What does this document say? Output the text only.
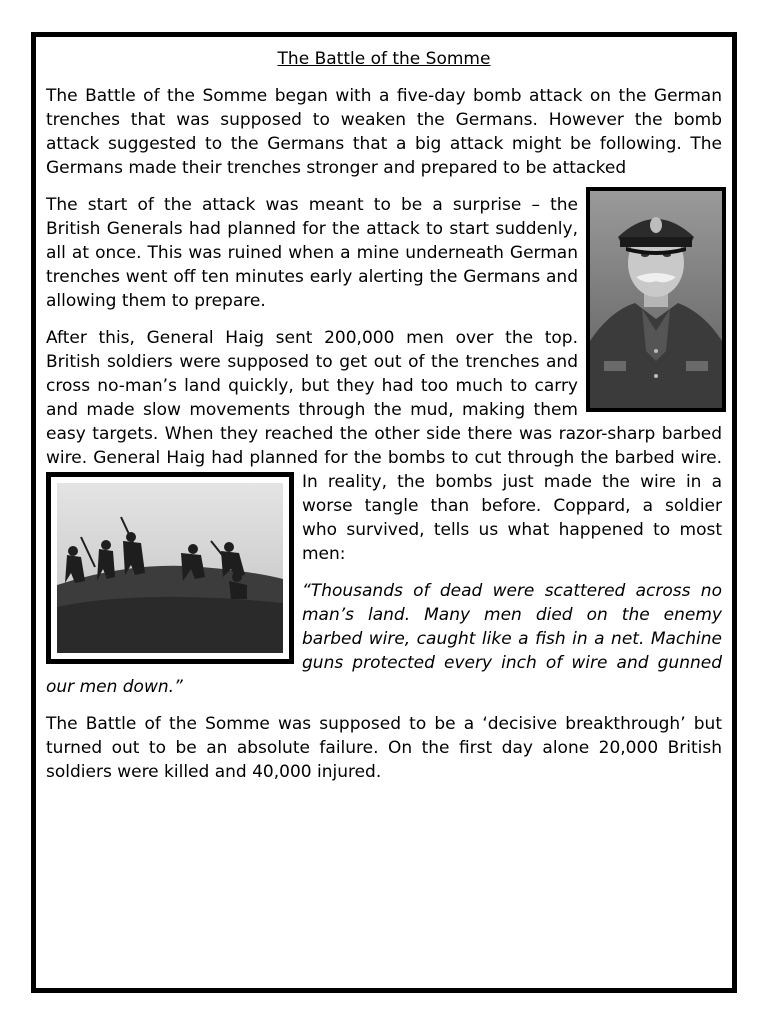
The Battle of the Somme

The Battle of the Somme began with a five-day bomb attack on the German trenches that was supposed to weaken the Germans. However the bomb attack suggested to the Germans that a big attack might be following. The Germans made their trenches stronger and prepared to be attacked

The start of the attack was meant to be a surprise – the British Generals had planned for the attack to start suddenly, all at once. This was ruined when a mine underneath German trenches went off ten minutes early alerting the Germans and allowing them to prepare.

After this, General Haig sent 200,000 men over the top. British soldiers were supposed to get out of the trenches and cross no-man’s land quickly, but they had too much to carry and made slow movements through the mud, making them easy targets. When they reached the other side there was razor-sharp barbed wire. General Haig had planned for the bombs to cut
through the barbed wire. In reality, the bombs just made the wire in a worse tangle than before. Coppard, a soldier who survived, tells us what happened to most men:

“Thousands of dead were scattered across no man’s land. Many men died on the enemy barbed wire, caught like a fish in a net. Machine guns protected every inch of wire and gunned our men down.”

The Battle of the Somme was supposed to be a ‘decisive breakthrough’ but turned out to be an absolute failure. On the first day alone 20,000 British soldiers were killed and 40,000 injured.
